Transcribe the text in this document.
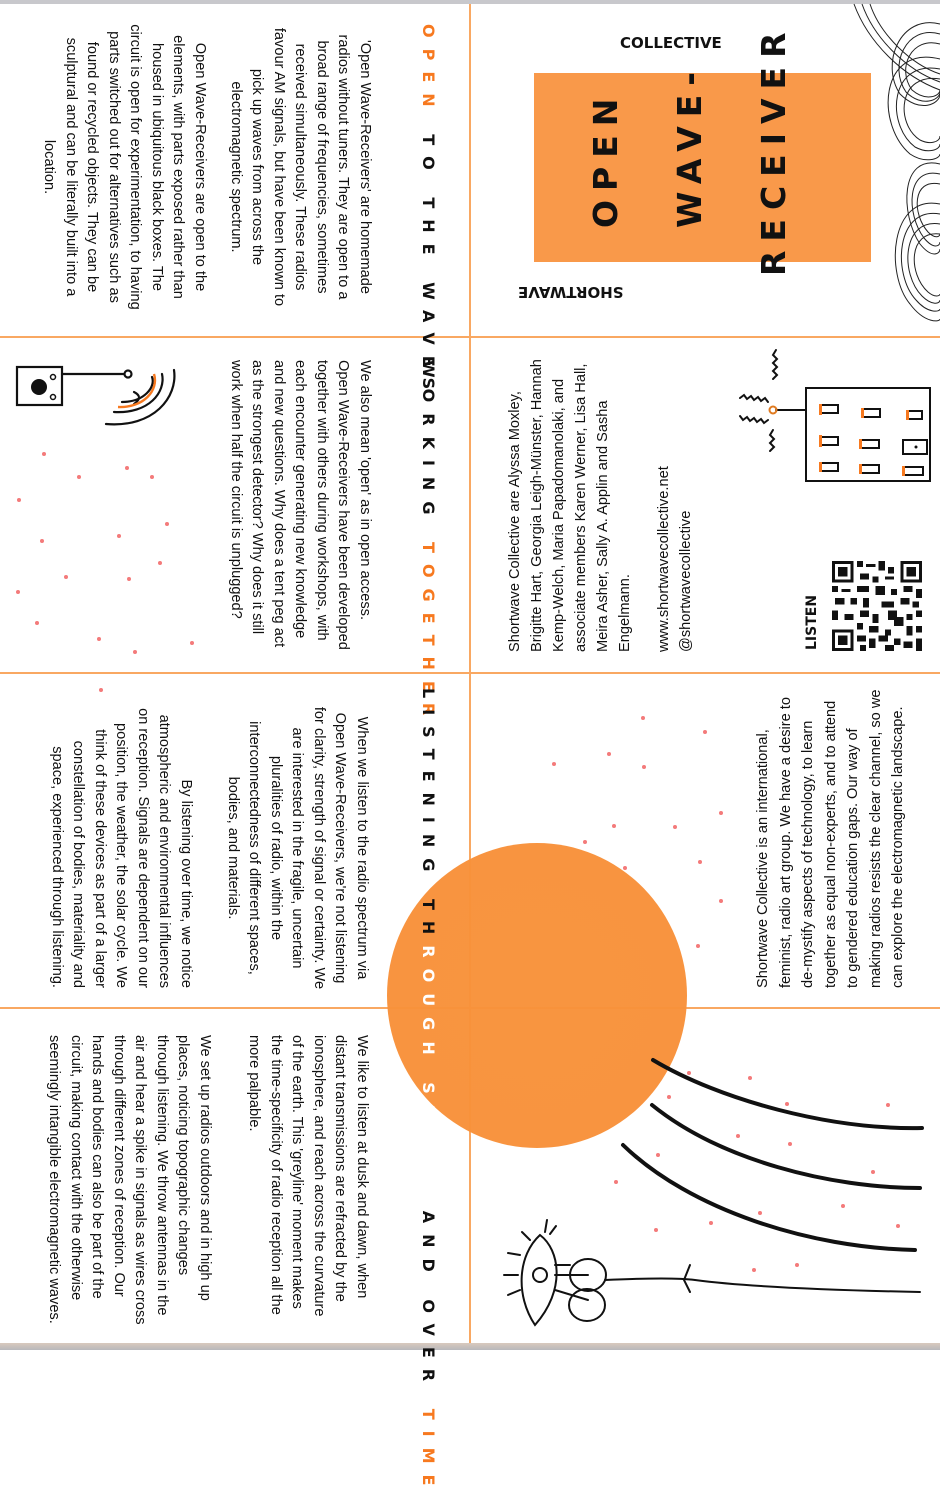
OPEN WAVE- RECEIVER
COLLECTIVE
SHORTWAVE
OPEN TO THE WAVES
'Open Wave-Receivers' are homemade radios without tuners. They are open to a broad range of frequencies, sometimes received simultaneously. These radios favour AM signals, but have been known to pick up waves from across the electromagnetic spectrum.
Open Wave-Receivers are open to the elements, with parts exposed rather than housed in ubiquitous black boxes. The circuit is open for experimentation, to having parts switched out for alternatives such as found or recycled objects. They can be sculptural and can be literally built into a location.
WORKING TOGETHER
We also mean 'open' as in open access. Open Wave-Receivers have been developed together with others during workshops, with each encounter generating new knowledge and new questions. Why does a tent peg act as the strongest detector? Why does it still work when half the circuit is unplugged?	Shortwave Collective are Alyssa Moxley, Brigitte Hart, Georgia Leigh-Münster, Hannah Kemp-Welch, Maria Papadomanolaki, and associate members Karen Werner, Lisa Hall, Meira Asher, Sally A. Applin and Sasha Engelmann. www.shortwavecollective.net @shortwavecollective	LISTEN
LISTENING THROUGH SPACE AND OVER TIME
When we listen to the radio spectrum via Open Wave-Receivers, we're not listening for clarity, strength of signal or certainty. We are interested in the fragile, uncertain pluralities of radio, within the interconnectedness of different spaces, bodies, and materials.
By listening over time, we notice atmospheric and environmental influences on reception. Signals are dependent on our position, the weather, the solar cycle. We think of these devices as part of a larger constellation of bodies, materiality and space, experienced through listening.
We like to listen at dusk and dawn, when distant transmissions are refracted by the ionosphere, and reach across the curvature of the earth. This 'greyline' moment makes the time-specificity of radio reception all the more palpable.
We set up radios outdoors and in high up places, noticing topographic changes through listening. We throw antennas in the air and hear a spike in signals as wires cross through different zones of reception. Our hands and bodies can also be part of the circuit, making contact with the otherwise seemingly intangible electromagnetic waves.
Shortwave Collective is an international, feminist, radio art group. We have a desire to de-mystify aspects of technology, to learn together as equal non-experts, and to attend to gendered education gaps. Our way of making radios resists the clear channel, so we can explore the electromagnetic landscape.
